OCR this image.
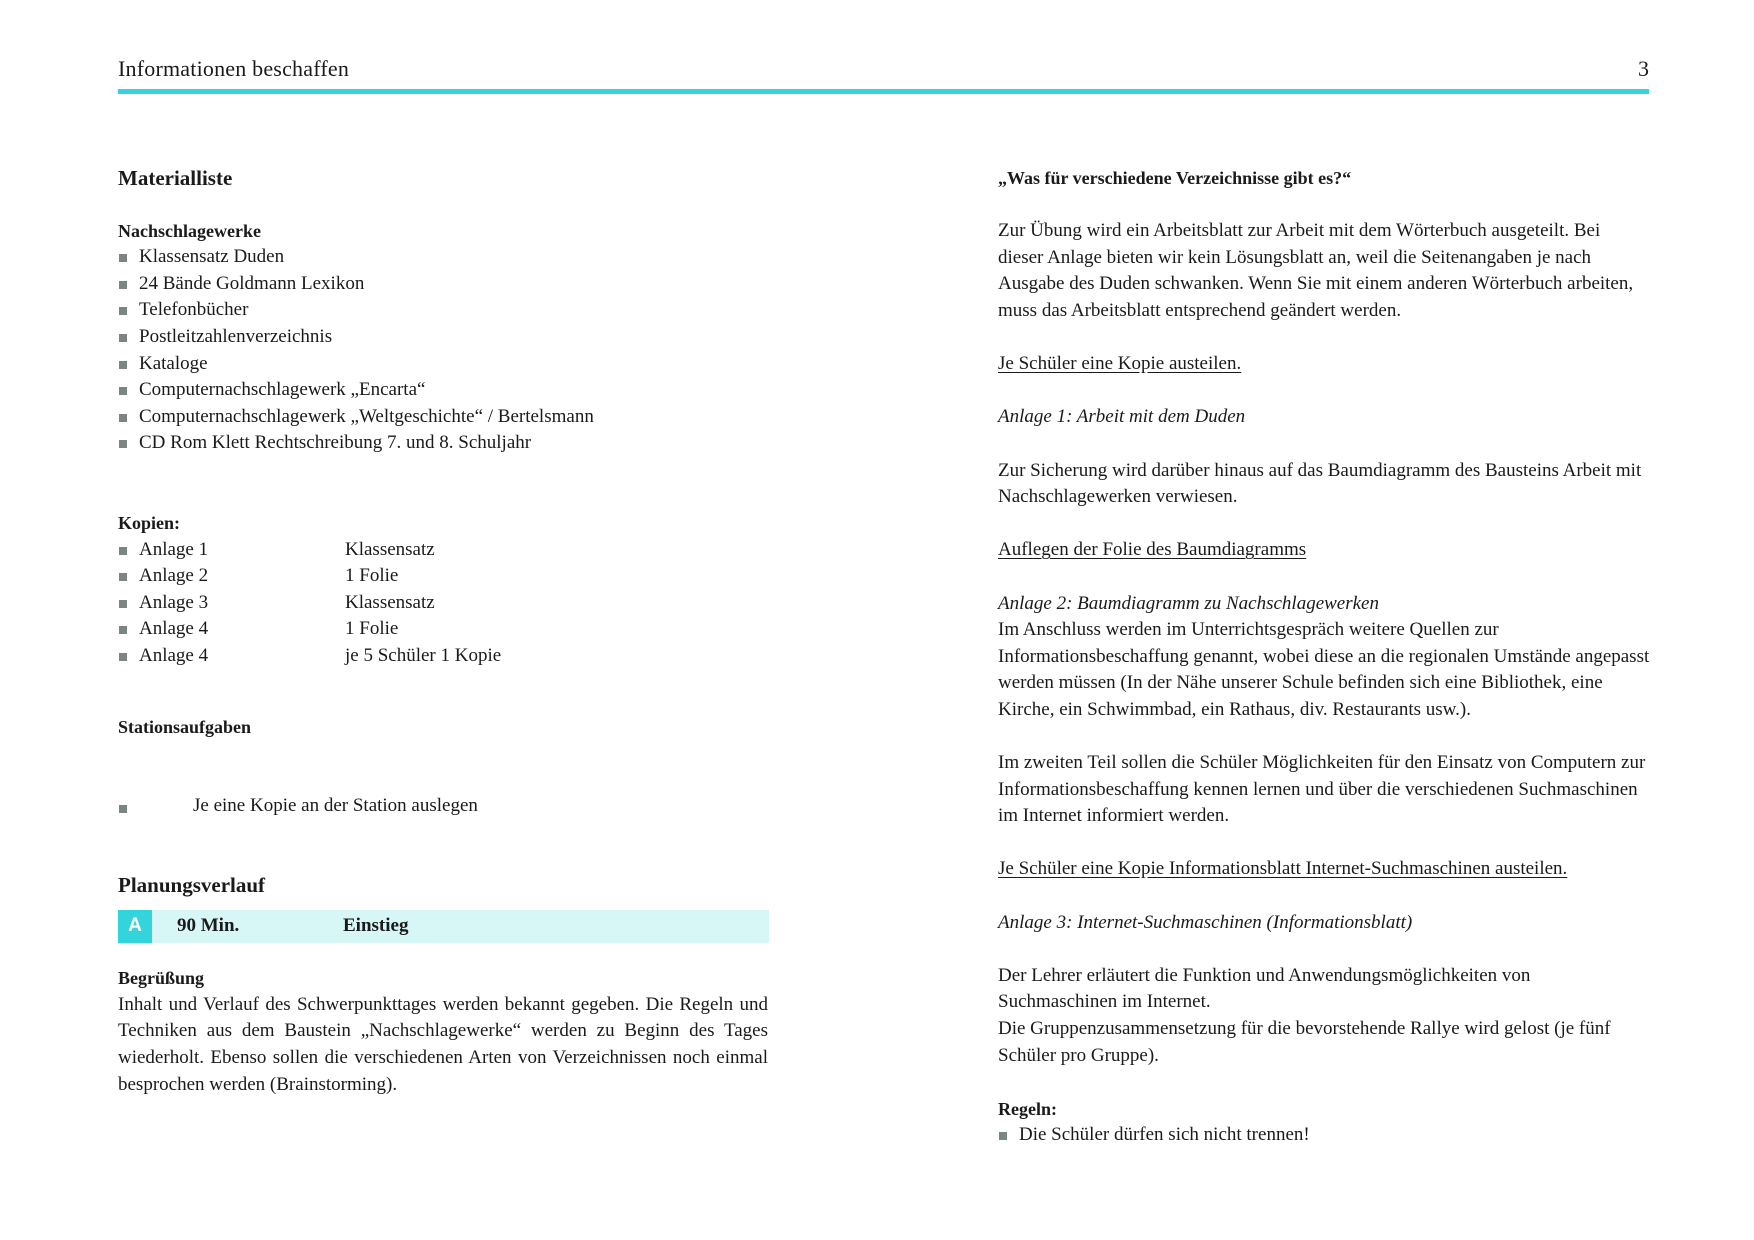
Informationen beschaffen	3
Materialliste
Nachschlagewerke
Klassensatz Duden
24 Bände Goldmann Lexikon
Telefonbücher
Postleitzahlenverzeichnis
Kataloge
Computernachschlagewerk „Encarta“
Computernachschlagewerk „Weltgeschichte“ / Bertelsmann
CD Rom Klett Rechtschreibung 7. und 8. Schuljahr
Kopien:
Anlage 1	Klassensatz
Anlage 2	1 Folie
Anlage 3	Klassensatz
Anlage 4	1 Folie
Anlage 4	je 5 Schüler 1 Kopie
Stationsaufgaben
Je eine Kopie an der Station auslegen
Planungsverlauf
A	90 Min.	Einstieg
Begrüßung

Inhalt und Verlauf des Schwerpunkttages werden bekannt gegeben. Die Regeln und Techniken aus dem Baustein „Nachschlagewerke“ werden zu Beginn des Tages wiederholt. Ebenso sollen die verschiedenen Arten von Verzeichnissen noch einmal besprochen werden (Brainstorming).

„Was für verschiedene Verzeichnisse gibt es?“

Zur Übung wird ein Arbeitsblatt zur Arbeit mit dem Wörterbuch ausgeteilt. Bei dieser Anlage bieten wir kein Lösungsblatt an, weil die Seitenangaben je nach Ausgabe des Duden schwanken. Wenn Sie mit einem anderen Wörterbuch arbeiten, muss das Arbeitsblatt entsprechend geändert werden.

Je Schüler eine Kopie austeilen.

Anlage 1: Arbeit mit dem Duden

Zur Sicherung wird darüber hinaus auf das Baumdiagramm des Bausteins Arbeit mit Nachschlagewerken verwiesen.

Auflegen der Folie des Baumdiagramms

Anlage 2: Baumdiagramm zu Nachschlagewerken

Im Anschluss werden im Unterrichtsgespräch weitere Quellen zur Informationsbeschaffung genannt, wobei diese an die regionalen Umstände angepasst werden müssen (In der Nähe unserer Schule befinden sich eine Bibliothek, eine Kirche, ein Schwimmbad, ein Rathaus, div. Restaurants usw.).

Im zweiten Teil sollen die Schüler Möglichkeiten für den Einsatz von Computern zur Informationsbeschaffung kennen lernen und über die verschiedenen Suchmaschinen im Internet informiert werden.

Je Schüler eine Kopie Informationsblatt Internet-Suchmaschinen austeilen.

Anlage 3: Internet-Suchmaschinen (Informationsblatt)

Der Lehrer erläutert die Funktion und Anwendungsmöglichkeiten von Suchmaschinen im Internet.

Die Gruppenzusammensetzung für die bevorstehende Rallye wird gelost (je fünf Schüler pro Gruppe).

Regeln:
Die Schüler dürfen sich nicht trennen!
